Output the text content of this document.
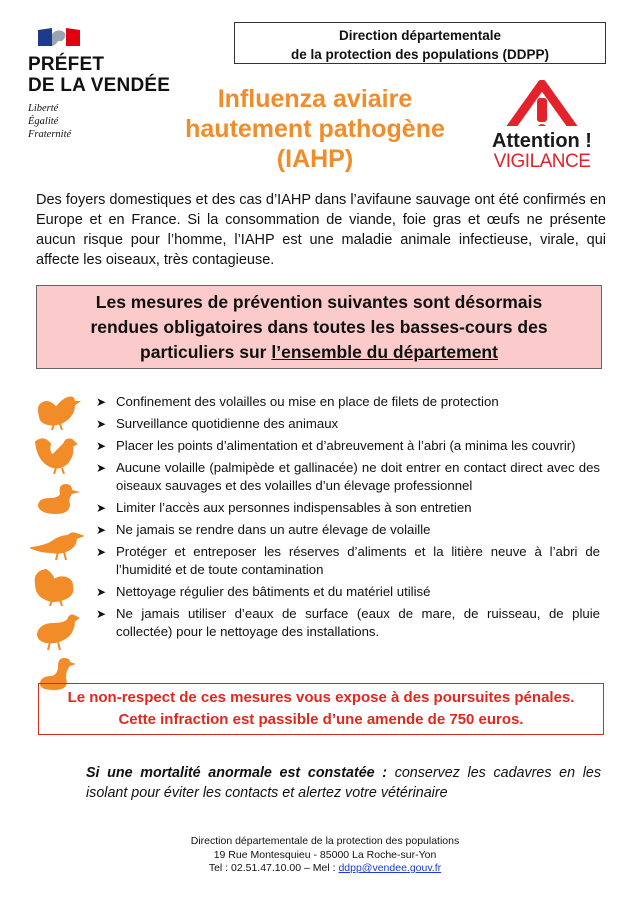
PRÉFET
DE LA VENDÉE
Liberté
Égalité
Fraternité
Direction départementale
de la protection des populations (DDPP)
Influenza aviaire
hautement pathogène
(IAHP)
Attention !
VIGILANCE
Des foyers domestiques et des cas d’IAHP dans l’avifaune sauvage ont été confirmés en Europe et en France. Si la consommation de viande, foie gras et œufs ne présente aucun risque pour l’homme, l’IAHP est une maladie animale infectieuse, virale, qui affecte les oiseaux, très contagieuse.
Les mesures de prévention suivantes sont désormais
rendues obligatoires dans toutes les basses-cours des
particuliers sur l’ensemble du département
➤ Confinement des volailles ou mise en place de filets de protection
➤ Surveillance quotidienne des animaux
➤ Placer les points d’alimentation et d’abreuvement à l’abri (a minima les couvrir)
➤ Aucune volaille (palmipède et gallinacée) ne doit entrer en contact direct avec des oiseaux sauvages et des volailles d’un élevage professionnel
➤ Limiter l’accès aux personnes indispensables à son entretien
➤ Ne jamais se rendre dans un autre élevage de volaille
➤ Protéger et entreposer les réserves d’aliments et la litière neuve à l’abri de l’humidité et de toute contamination
➤ Nettoyage régulier des bâtiments et du matériel utilisé
➤ Ne jamais utiliser d’eaux de surface (eaux de mare, de ruisseau, de pluie collectée) pour le nettoyage des installations.
Le non-respect de ces mesures vous expose à des poursuites pénales.
Cette infraction est passible d’une amende de 750 euros.
Si une mortalité anormale est constatée : conservez les cadavres en les isolant pour éviter les contacts et alertez votre vétérinaire
Direction départementale de la protection des populations
19 Rue Montesquieu - 85000 La Roche-sur-Yon
Tel : 02.51.47.10.00 – Mel : ddpp@vendee.gouv.fr
